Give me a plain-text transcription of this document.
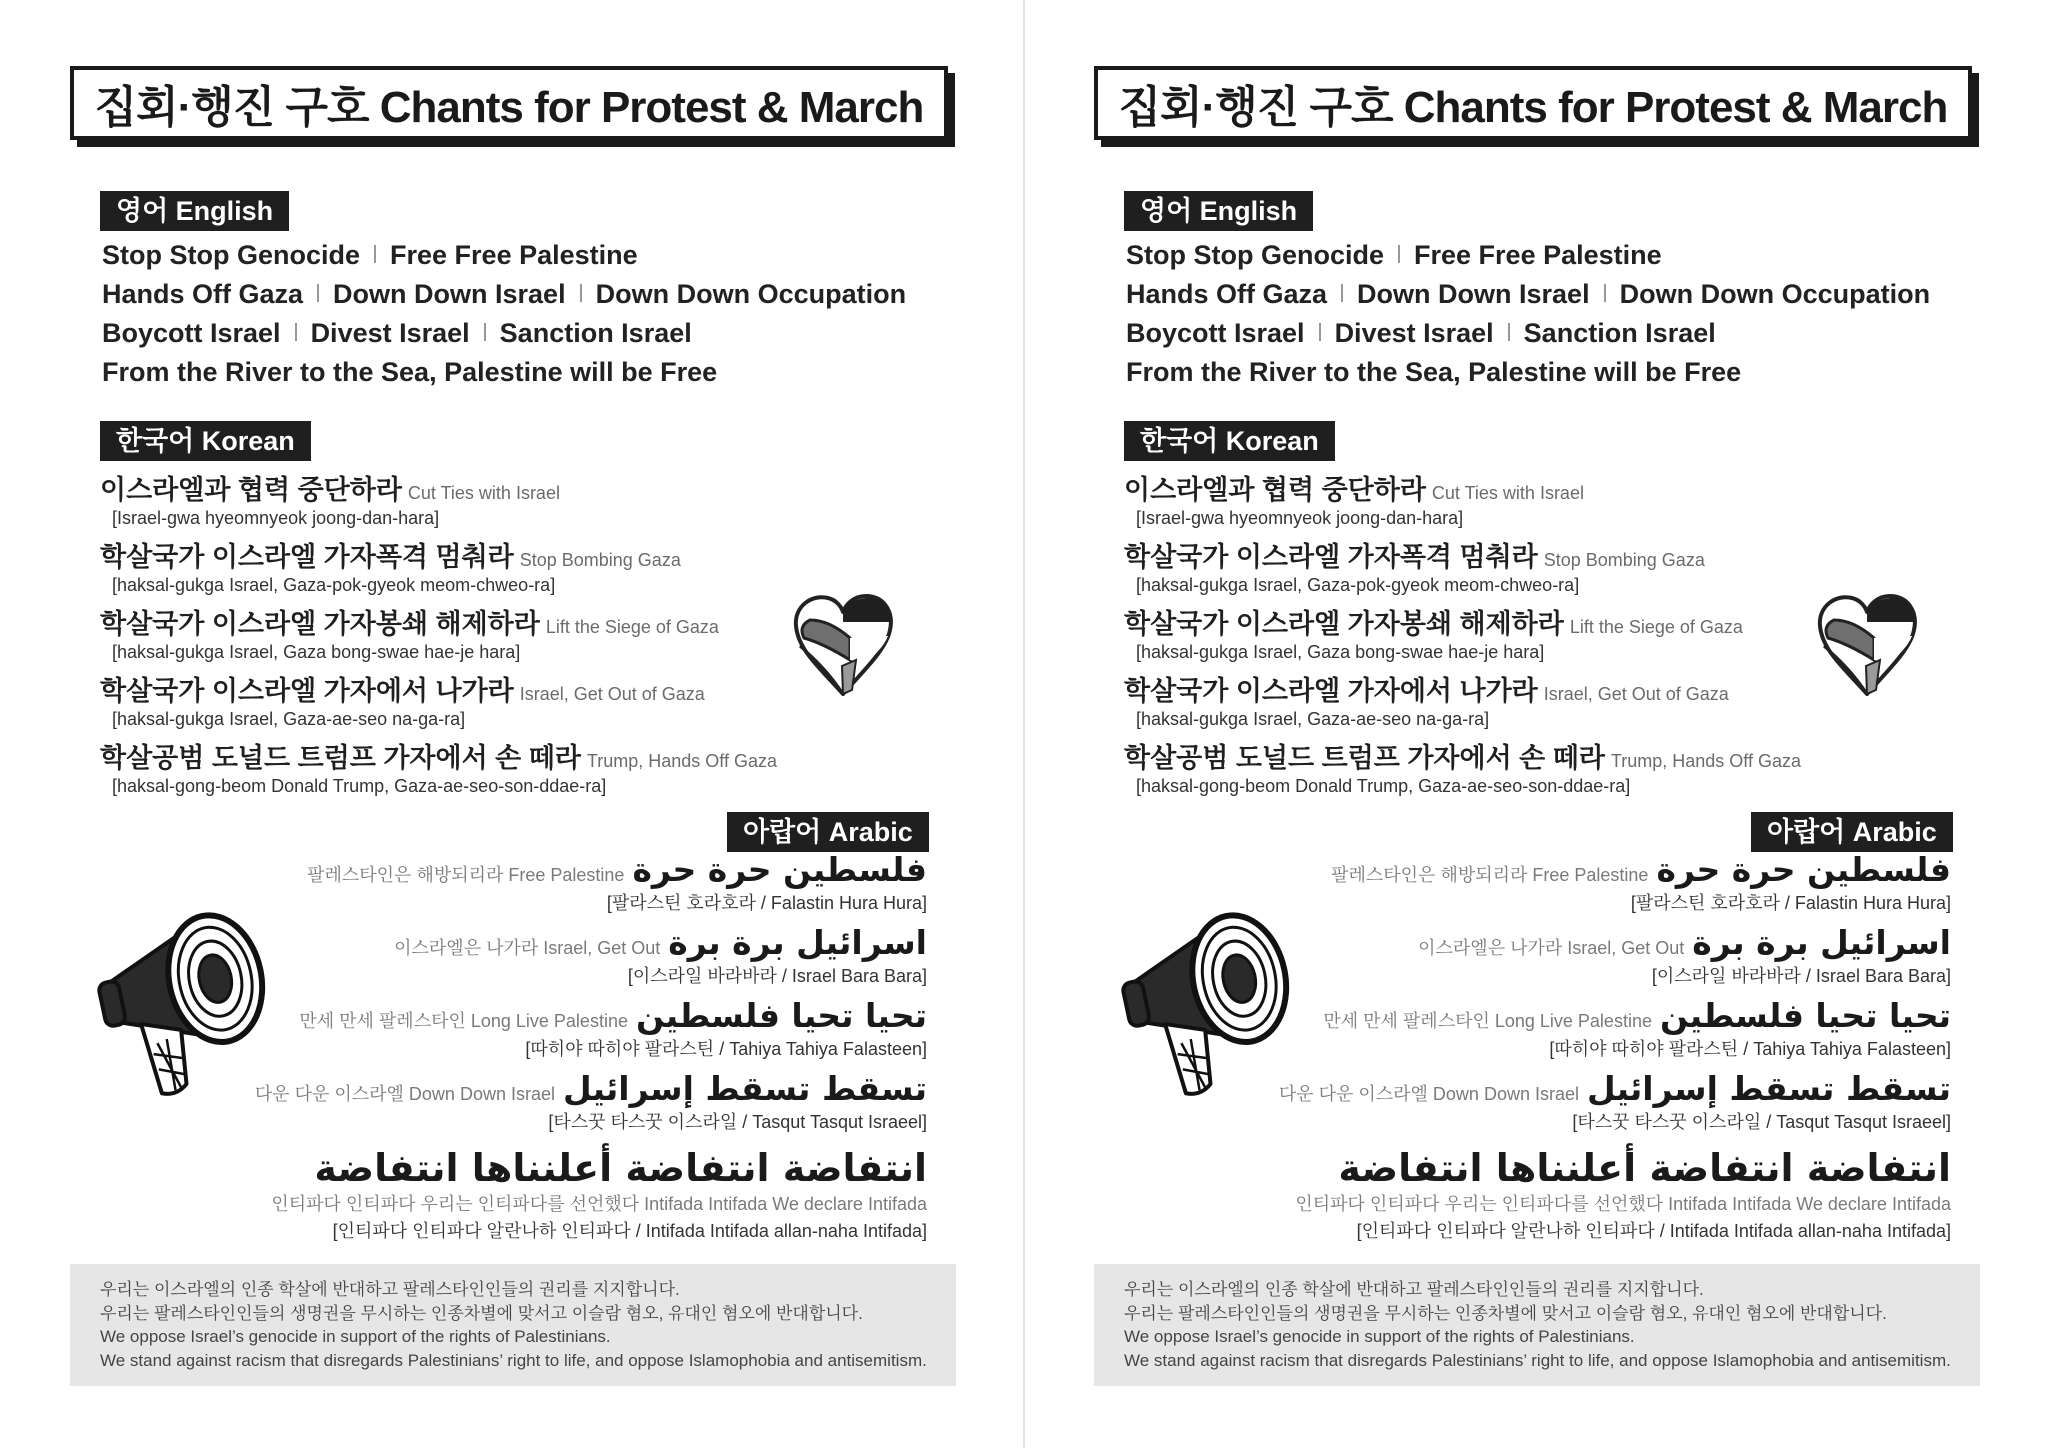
집회·행진 구호 Chants for Protest & March
영어 English
Stop Stop Genocide Free Free Palestine
Hands Off Gaza Down Down Israel Down Down Occupation
Boycott Israel Divest Israel Sanction Israel
From the River to the Sea, Palestine will be Free
한국어 Korean
이스라엘과 협력 중단하라 Cut Ties with Israel
[Israel-gwa hyeomnyeok joong-dan-hara]
학살국가 이스라엘 가자폭격 멈춰라 Stop Bombing Gaza
[haksal-gukga Israel, Gaza-pok-gyeok meom-chweo-ra]
학살국가 이스라엘 가자봉쇄 해제하라 Lift the Siege of Gaza
[haksal-gukga Israel, Gaza bong-swae hae-je hara]
학살국가 이스라엘 가자에서 나가라 Israel, Get Out of Gaza
[haksal-gukga Israel, Gaza-ae-seo na-ga-ra]
학살공범 도널드 트럼프 가자에서 손 떼라 Trump, Hands Off Gaza
[haksal-gong-beom Donald Trump, Gaza-ae-seo-son-ddae-ra]
아랍어 Arabic
팔레스타인은 해방되리라 Free Palestine فلسطين حرة حرة
[팔라스틴 호라호라 / Falastin Hura Hura]
이스라엘은 나가라 Israel, Get Out اسرائيل برة برة
[이스라일 바라바라 / Israel Bara Bara]
만세 만세 팔레스타인 Long Live Palestine تحيا تحيا فلسطين
[따히야 따히야 팔라스틴 / Tahiya Tahiya Falasteen]
다운 다운 이스라엘 Down Down Israel تسقط تسقط إسرائيل
[타스꿋 타스꿋 이스라일 / Tasqut Tasqut Israeel]
انتفاضة انتفاضة أعلنناها انتفاضة
인티파다 인티파다 우리는 인티파다를 선언했다 Intifada Intifada We declare Intifada
[인티파다 인티파다 알란나하 인티파다 / Intifada Intifada allan-naha Intifada]
우리는 이스라엘의 인종 학살에 반대하고 팔레스타인인들의 권리를 지지합니다.
우리는 팔레스타인인들의 생명권을 무시하는 인종차별에 맞서고 이슬람 혐오, 유대인 혐오에 반대합니다.
We oppose Israel’s genocide in support of the rights of Palestinians.
We stand against racism that disregards Palestinians’ right to life, and oppose Islamophobia and antisemitism.
집회·행진 구호 Chants for Protest & March
영어 English
Stop Stop Genocide Free Free Palestine
Hands Off Gaza Down Down Israel Down Down Occupation
Boycott Israel Divest Israel Sanction Israel
From the River to the Sea, Palestine will be Free
한국어 Korean
이스라엘과 협력 중단하라 Cut Ties with Israel
[Israel-gwa hyeomnyeok joong-dan-hara]
학살국가 이스라엘 가자폭격 멈춰라 Stop Bombing Gaza
[haksal-gukga Israel, Gaza-pok-gyeok meom-chweo-ra]
학살국가 이스라엘 가자봉쇄 해제하라 Lift the Siege of Gaza
[haksal-gukga Israel, Gaza bong-swae hae-je hara]
학살국가 이스라엘 가자에서 나가라 Israel, Get Out of Gaza
[haksal-gukga Israel, Gaza-ae-seo na-ga-ra]
학살공범 도널드 트럼프 가자에서 손 떼라 Trump, Hands Off Gaza
[haksal-gong-beom Donald Trump, Gaza-ae-seo-son-ddae-ra]
아랍어 Arabic
팔레스타인은 해방되리라 Free Palestine فلسطين حرة حرة
[팔라스틴 호라호라 / Falastin Hura Hura]
이스라엘은 나가라 Israel, Get Out اسرائيل برة برة
[이스라일 바라바라 / Israel Bara Bara]
만세 만세 팔레스타인 Long Live Palestine تحيا تحيا فلسطين
[따히야 따히야 팔라스틴 / Tahiya Tahiya Falasteen]
다운 다운 이스라엘 Down Down Israel تسقط تسقط إسرائيل
[타스꿋 타스꿋 이스라일 / Tasqut Tasqut Israeel]
انتفاضة انتفاضة أعلنناها انتفاضة
인티파다 인티파다 우리는 인티파다를 선언했다 Intifada Intifada We declare Intifada
[인티파다 인티파다 알란나하 인티파다 / Intifada Intifada allan-naha Intifada]
우리는 이스라엘의 인종 학살에 반대하고 팔레스타인인들의 권리를 지지합니다.
우리는 팔레스타인인들의 생명권을 무시하는 인종차별에 맞서고 이슬람 혐오, 유대인 혐오에 반대합니다.
We oppose Israel’s genocide in support of the rights of Palestinians.
We stand against racism that disregards Palestinians’ right to life, and oppose Islamophobia and antisemitism.
